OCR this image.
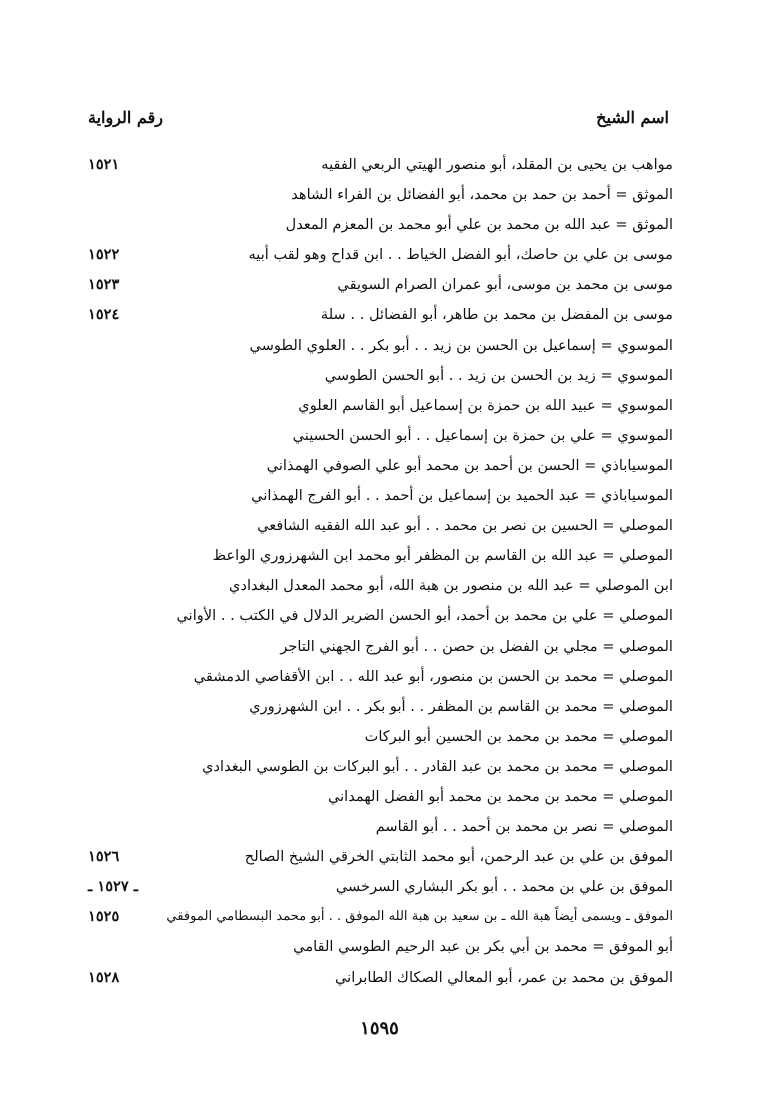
اسم الشيخ
رقم الرواية
مواهب بن يحيى بن المقلد، أبو منصور الهيتي الربعي الفقيه
١٥٢١
الموثق = أحمد بن حمد بن محمد، أبو الفضائل بن الفراء الشاهد
الموثق = عبد الله بن محمد بن علي أبو محمد بن المعزم المعدل
موسى بن علي بن حاصك، أبو الفضل الخياط . . ابن قداح وهو لقب أبيه
١٥٢٢
موسى بن محمد بن موسى، أبو عمران الصرام السويقي
١٥٢٣
موسى بن المفضل بن محمد بن طاهر، أبو الفضائل . . سلة
١٥٢٤
الموسوي = إسماعيل بن الحسن بن زيد . . أبو بكر . . العلوي الطوسي
الموسوي = زيد بن الحسن بن زيد . . أبو الحسن الطوسي
الموسوي = عبيد الله بن حمزة بن إسماعيل أبو القاسم العلوي
الموسوي = علي بن حمزة بن إسماعيل . . أبو الحسن الحسيني
الموسياباذي = الحسن بن أحمد بن محمد أبو علي الصوفي الهمذاني
الموسياباذي = عبد الحميد بن إسماعيل بن أحمد . . أبو الفرج الهمذاني
الموصلي = الحسين بن نصر بن محمد . . أبو عبد الله الفقيه الشافعي
الموصلي = عبد الله بن القاسم بن المظفر أبو محمد ابن الشهرزوري الواعظ
ابن الموصلي = عبد الله بن منصور بن هبة الله، أبو محمد المعدل البغدادي
الموصلي = علي بن محمد بن أحمد، أبو الحسن الضرير الدلال في الكتب . . الأواني
الموصلي = مجلي بن الفضل بن حصن . . أبو الفرج الجهني التاجر
الموصلي = محمد بن الحسن بن منصور، أبو عبد الله . . ابن الأقفاصي الدمشقي
الموصلي = محمد بن القاسم بن المظفر . . أبو بكر . . ابن الشهرزوري
الموصلي = محمد بن محمد بن الحسين أبو البركات
الموصلي = محمد بن محمد بن عبد القادر . . أبو البركات بن الطوسي البغدادي
الموصلي = محمد بن محمد بن محمد أبو الفضل الهمداني
الموصلي = نصر بن محمد بن أحمد . . أبو القاسم
الموفق بن علي بن عبد الرحمن، أبو محمد الثابتي الخرقي الشيخ الصالح
١٥٢٦
الموفق بن علي بن محمد . . أبو بكر البشاري السرخسي
ـ ١٥٢٧ ـ
الموفق ـ ويسمى أيضاً هبة الله ـ بن سعيد بن هبة الله الموفق . . أبو محمد البسطامي الموفقي
١٥٢٥
أبو الموفق = محمد بن أبي بكر بن عبد الرحيم الطوسي القامي
الموفق بن محمد بن عمر، أبو المعالي الصكاك الطابراني
١٥٢٨
١٥٩٥
